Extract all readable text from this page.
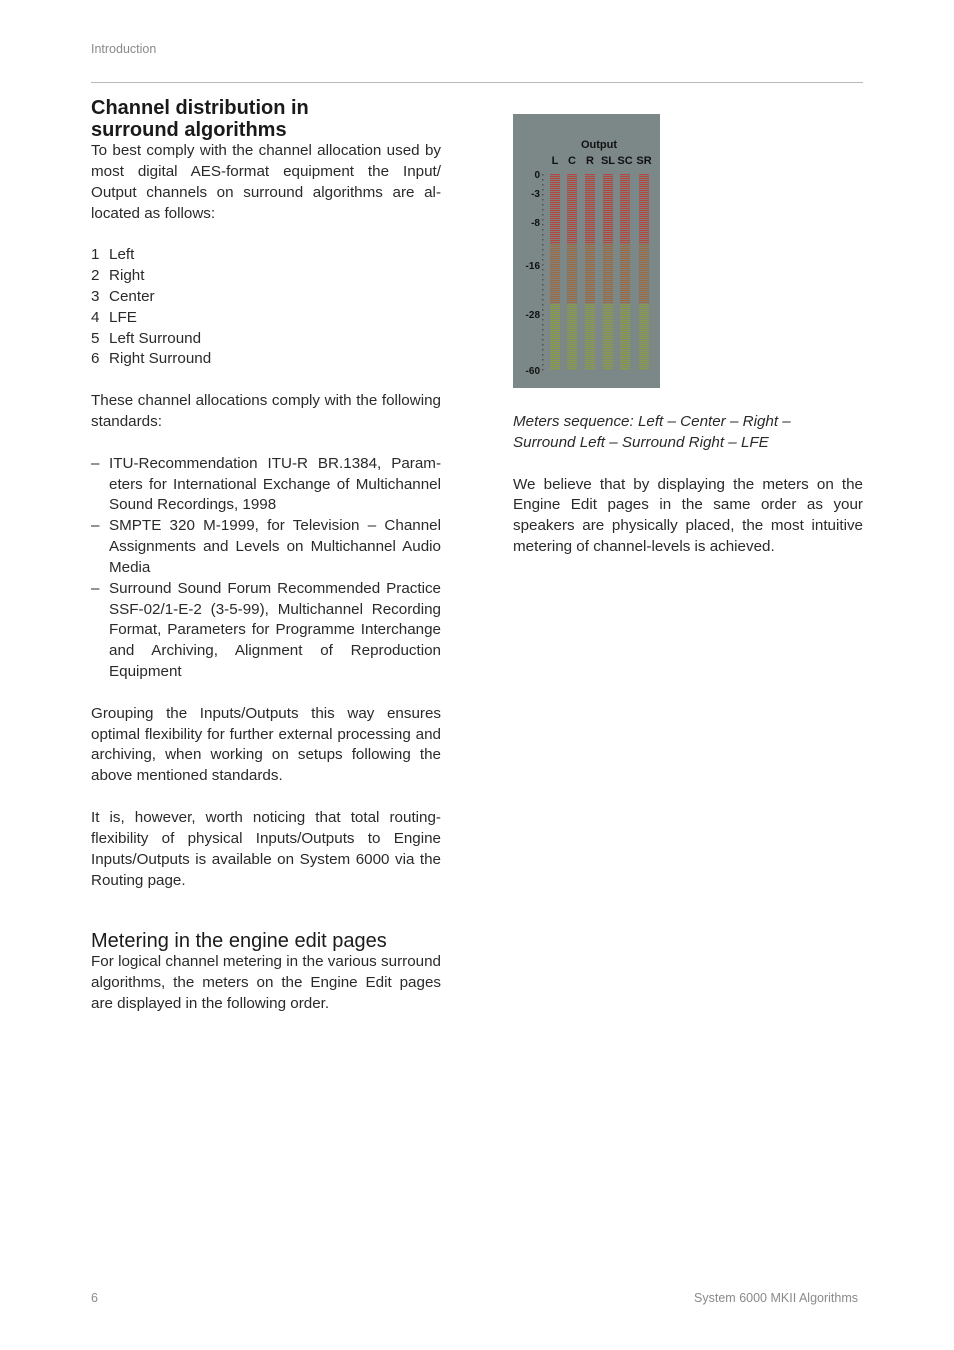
Introduction
Channel distribution in
surround algorithms

To best comply with the channel allocation used by most digital AES-format equipment the Input/ Output channels on surround algorithms are allocated as follows:

1 Left
2 Right
3 Center
4 LFE
5 Left Surround
6 Right Surround

These channel allocations comply with the following standards:

– ITU-Recommendation ITU-R BR.1384, Parameters for International Exchange of Multichannel Sound Recordings, 1998
– SMPTE 320 M-1999, for Television – Channel Assignments and Levels on Multichannel Audio Media
– Surround Sound Forum Recommended Practice SSF-02/1-E-2 (3-5-99), Multichannel Recording Format, Parameters for Programme Interchange and Archiving, Alignment of Reproduction Equipment

Grouping the Inputs/Outputs this way ensures optimal flexibility for further external processing and archiving, when working on setups following the above mentioned standards.

It is, however, worth noticing that total routing-flexibility of physical Inputs/Outputs to Engine Inputs/Outputs is available on System 6000 via the Routing page.

Metering in the engine edit pages

For logical channel metering in the various surround algorithms, the meters on the Engine Edit pages are displayed in the following order.

Output
L C R SL SC SR
0
-3
-8
-16
-28
-60

Meters sequence: Left – Center – Right –
Surround Left – Surround Right – LFE

We believe that by displaying the meters on the Engine Edit pages in the same order as your speakers are physically placed, the most intuitive metering of channel-levels is achieved.

6	System 6000 MKII Algorithms
